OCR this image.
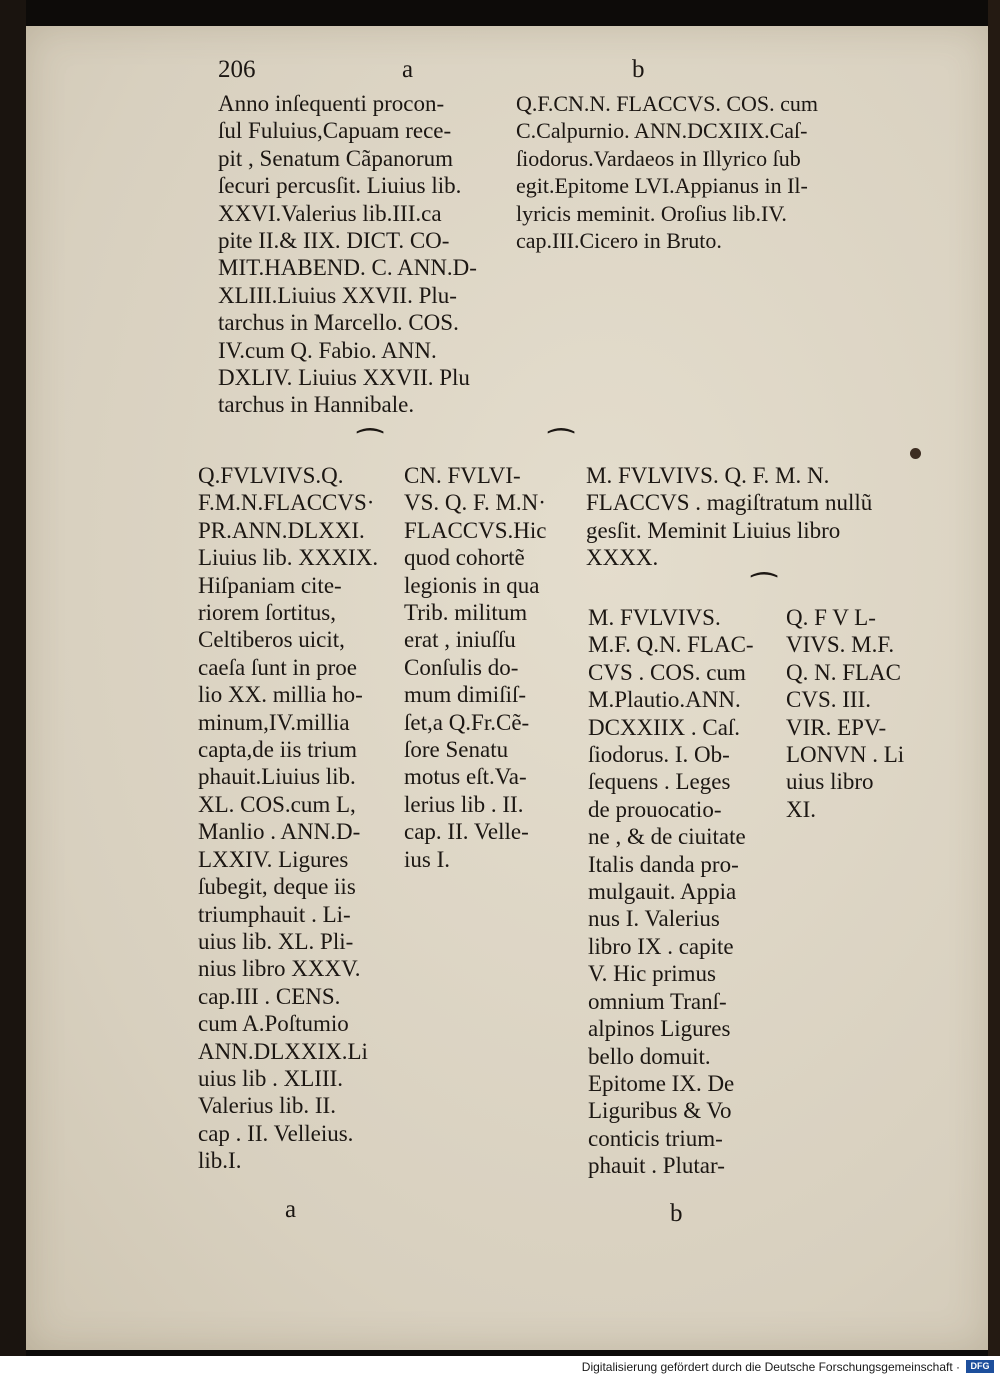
206	a	b
Anno inſequenti procon-
ſul Fuluius,Capuam rece-
pit , Senatum Cãpanorum
ſecuri percusſit. Liuius lib.
XXVI.Valerius lib.III.ca
pite II.& IIX. DICT. CO-
MIT.HABEND. C. ANN.D-
XLIII.Liuius XXVII. Plu-
tarchus in Marcello. COS.
IV.cum Q. Fabio. ANN.
DXLIV. Liuius XXVII. Plu
tarchus in Hannibale.
Q.F.CN.N. FLACCVS. COS. cum
C.Calpurnio. ANN.DCXIIX.Caſ-
ſiodorus.Vardaeos in Illyrico ſub
egit.Epitome LVI.Appianus in Il-
lyricis meminit. Oroſius lib.IV.
cap.III.Cicero in Bruto.
⁀	⁀
⁀
Q.FVLVIVS.Q.
F.M.N.FLACCVS·
PR.ANN.DLXXI.
Liuius lib. XXXIX.
Hiſpaniam cite-
riorem ſortitus,
Celtiberos uicit,
caeſa ſunt in proe
lio XX. millia ho-
minum,IV.millia
capta,de iis trium
phauit.Liuius lib.
XL. COS.cum L,
Manlio . ANN.D-
LXXIV. Ligures
ſubegit, deque iis
triumphauit . Li-
uius lib. XL. Pli-
nius libro XXXV.
cap.III . CENS.
cum A.Poſtumio
ANN.DLXXIX.Li
uius lib . XLIII.
Valerius lib. II.
cap . II. Velleius.
lib.I.
CN. FVLVI-
VS. Q. F. M.N·
FLACCVS.Hic
quod cohortẽ
legionis in qua
Trib. militum
erat , iniuſſu
Conſulis do-
mum dimiſiſ-
ſet,a Q.Fr.Cẽ-
ſore Senatu
motus eſt.Va-
lerius lib . II.
cap. II. Velle-
ius I.
M. FVLVIVS. Q. F. M. N.
FLACCVS . magiſtratum nullũ
gesſit. Meminit Liuius libro
XXXX.
M. FVLVIVS.
M.F. Q.N. FLAC-
CVS . COS. cum
M.Plautio.ANN.
DCXXIIX . Caſ.
ſiodorus. I. Ob-
ſequens . Leges
de prouocatio-
ne , & de ciuitate
Italis danda pro-
mulgauit. Appia
nus I. Valerius
libro IX . capite
V. Hic primus
omnium Tranſ-
alpinos Ligures
bello domuit.
Epitome IX. De
Liguribus & Vo
conticis trium-
phauit . Plutar-
Q. F V L-
VIVS. M.F.
Q. N. FLAC
CVS. III.
VIR. EPV-
LONVN . Li
uius libro
XI.
a	b
Digitalisierung gefördert durch die Deutsche Forschungsgemeinschaft ·	DFG
